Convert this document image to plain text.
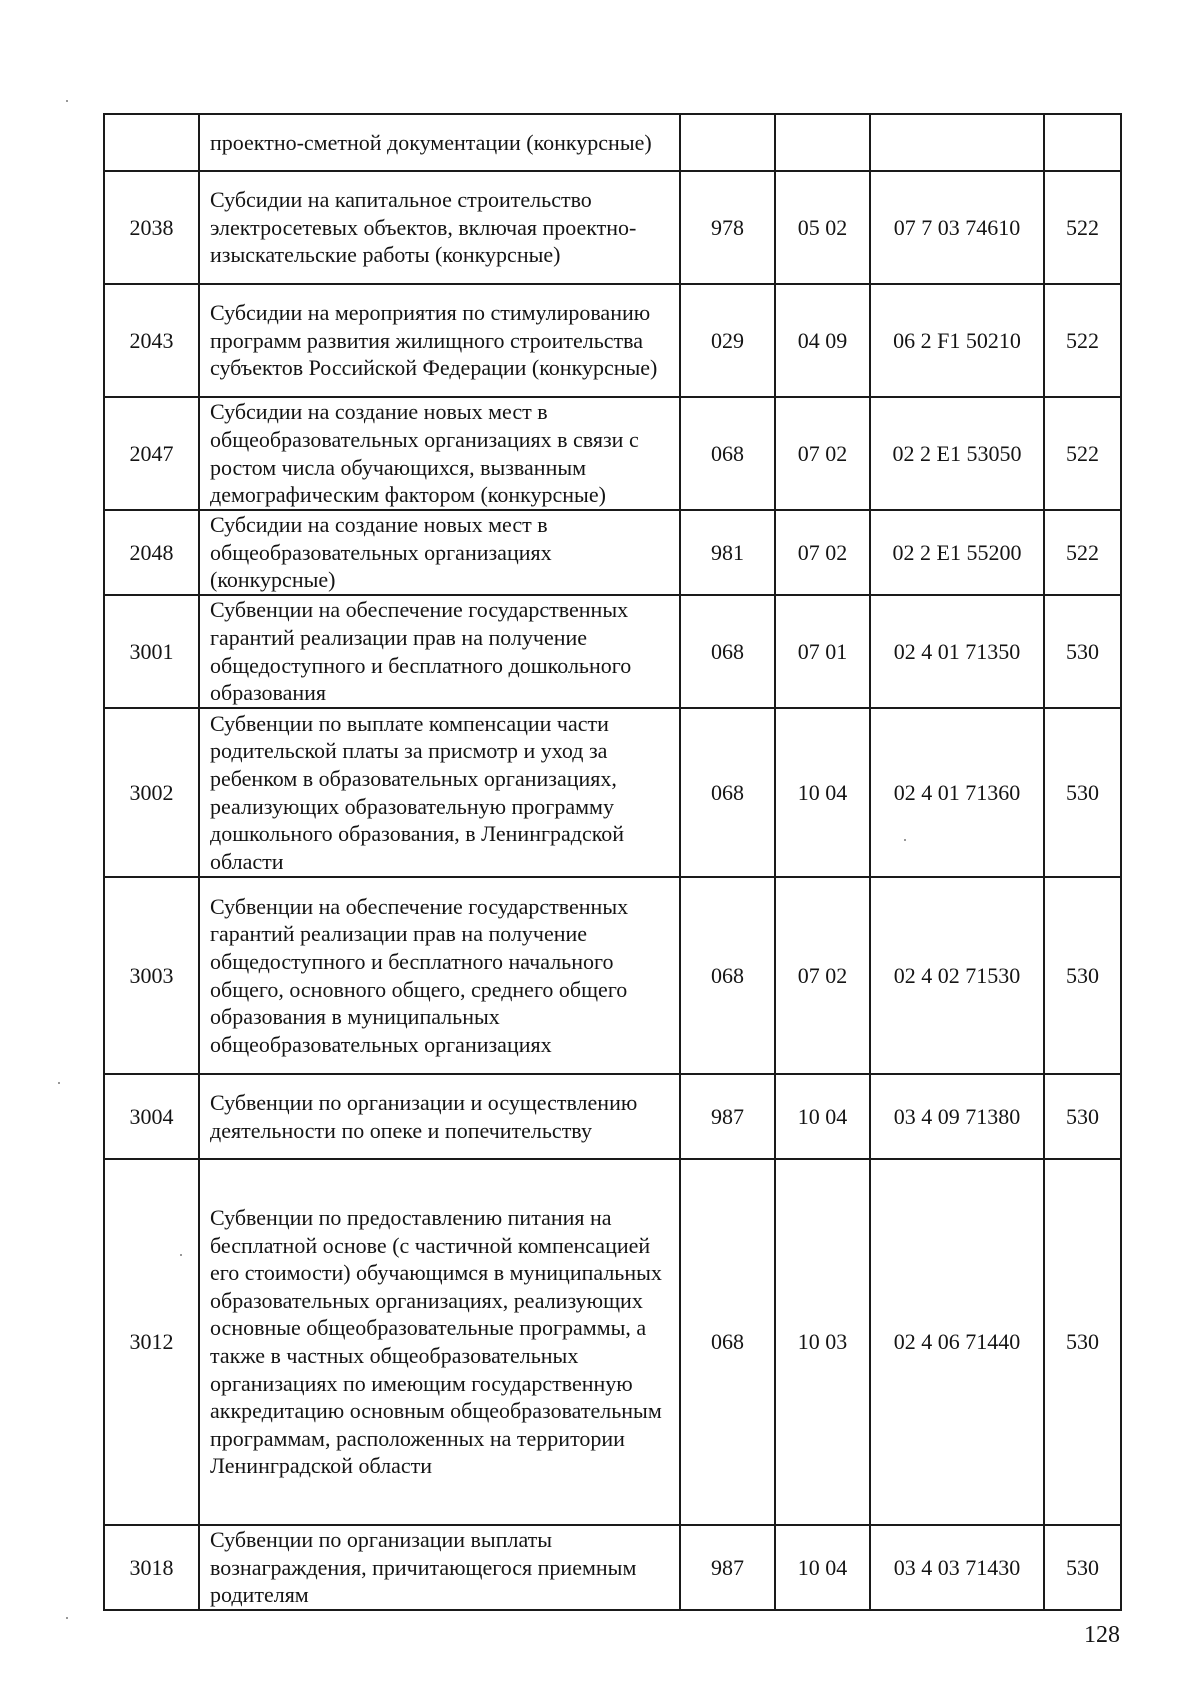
	проектно-сметной документации (конкурсные)				
2038	Субсидии на капитальное строительство электросетевых объектов, включая проектно-изыскательские работы (конкурсные)	978	05 02	07 7 03 74610	522
2043	Субсидии на мероприятия по стимулированию программ развития жилищного строительства субъектов Российской Федерации (конкурсные)	029	04 09	06 2 F1 50210	522
2047	Субсидии на создание новых мест в общеобразовательных организациях в связи с ростом числа обучающихся, вызванным демографическим фактором (конкурсные)	068	07 02	02 2 E1 53050	522
2048	Субсидии на создание новых мест в общеобразовательных организациях (конкурсные)	981	07 02	02 2 E1 55200	522
3001	Субвенции на обеспечение государственных гарантий реализации прав на получение общедоступного и бесплатного дошкольного образования	068	07 01	02 4 01 71350	530
3002	Субвенции по выплате компенсации части родительской платы за присмотр и уход за ребенком в образовательных организациях, реализующих образовательную программу дошкольного образования, в Ленинградской области	068	10 04	02 4 01 71360	530
3003	Субвенции на обеспечение государственных гарантий реализации прав на получение общедоступного и бесплатного начального общего, основного общего, среднего общего образования в муниципальных общеобразовательных организациях	068	07 02	02 4 02 71530	530
3004	Субвенции по организации и осуществлению деятельности по опеке и попечительству	987	10 04	03 4 09 71380	530
3012	Субвенции по предоставлению питания на бесплатной основе (с частичной компенсацией его стоимости) обучающимся в муниципальных образовательных организациях, реализующих основные общеобразовательные программы, а также в частных общеобразовательных организациях по имеющим государственную аккредитацию основным общеобразовательным программам, расположенных на территории Ленинградской области	068	10 03	02 4 06 71440	530
3018	Субвенции по организации выплаты вознаграждения, причитающегося приемным родителям	987	10 04	03 4 03 71430	530
128
